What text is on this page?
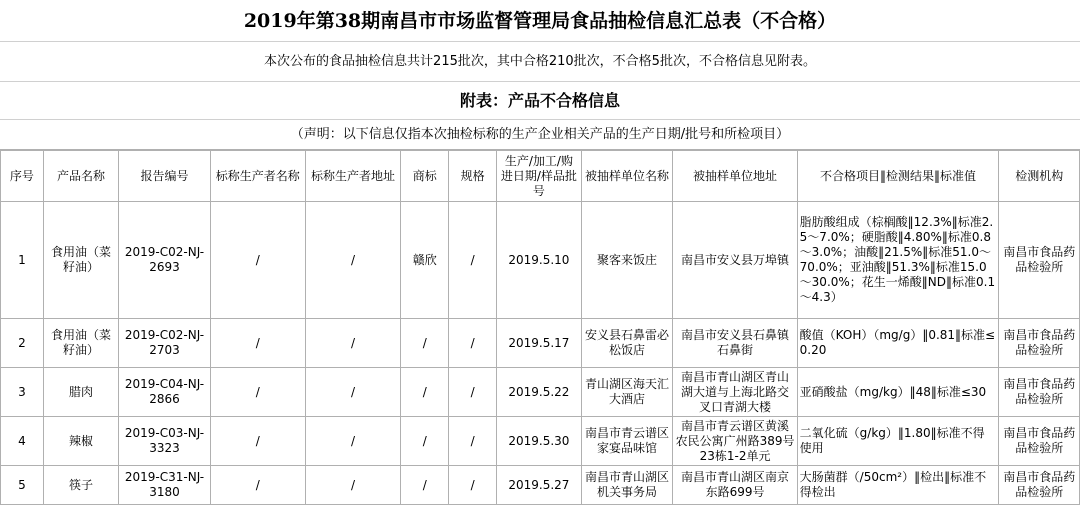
2019年第38期南昌市市场监督管理局食品抽检信息汇总表（不合格）
本次公布的食品抽检信息共计215批次，其中合格210批次，不合格5批次，不合格信息见附表。
附表：产品不合格信息
（声明：以下信息仅指本次抽检标称的生产企业相关产品的生产日期/批号和所检项目）
序号	产品名称	报告编号	标称生产者名称	标称生产者地址	商标	规格	生产/加工/购进日期/样品批号	被抽样单位名称	被抽样单位地址	不合格项目‖检测结果‖标准值	检测机构
1	食用油（菜籽油）	2019-C02-NJ-2693	/	/	赣欣	/	2019.5.10	聚客来饭庄	南昌市安义县万埠镇	脂肪酸组成（棕榈酸‖12.3%‖标准2.5～7.0%；硬脂酸‖4.80%‖标准0.8～3.0%；油酸‖21.5%‖标准51.0～70.0%；亚油酸‖51.3%‖标准15.0～30.0%；花生一烯酸‖ND‖标准0.1～4.3）	南昌市食品药品检验所
2	食用油（菜籽油）	2019-C02-NJ-2703	/	/	/	/	2019.5.17	安义县石鼻雷必松饭店	南昌市安义县石鼻镇石鼻街	酸值（KOH）（mg/g）‖0.81‖标准≤0.20	南昌市食品药品检验所
3	腊肉	2019-C04-NJ-2866	/	/	/	/	2019.5.22	青山湖区海天汇大酒店	南昌市青山湖区青山湖大道与上海北路交叉口青湖大楼	亚硝酸盐（mg/kg）‖48‖标准≤30	南昌市食品药品检验所
4	辣椒	2019-C03-NJ-3323	/	/	/	/	2019.5.30	南昌市青云谱区家宴品味馆	南昌市青云谱区黄溪农民公寓广州路389号23栋1-2单元	二氧化硫（g/kg）‖1.80‖标准不得使用	南昌市食品药品检验所
5	筷子	2019-C31-NJ-3180	/	/	/	/	2019.5.27	南昌市青山湖区机关事务局	南昌市青山湖区南京东路699号	大肠菌群（/50cm²）‖检出‖标准不得检出	南昌市食品药品检验所
